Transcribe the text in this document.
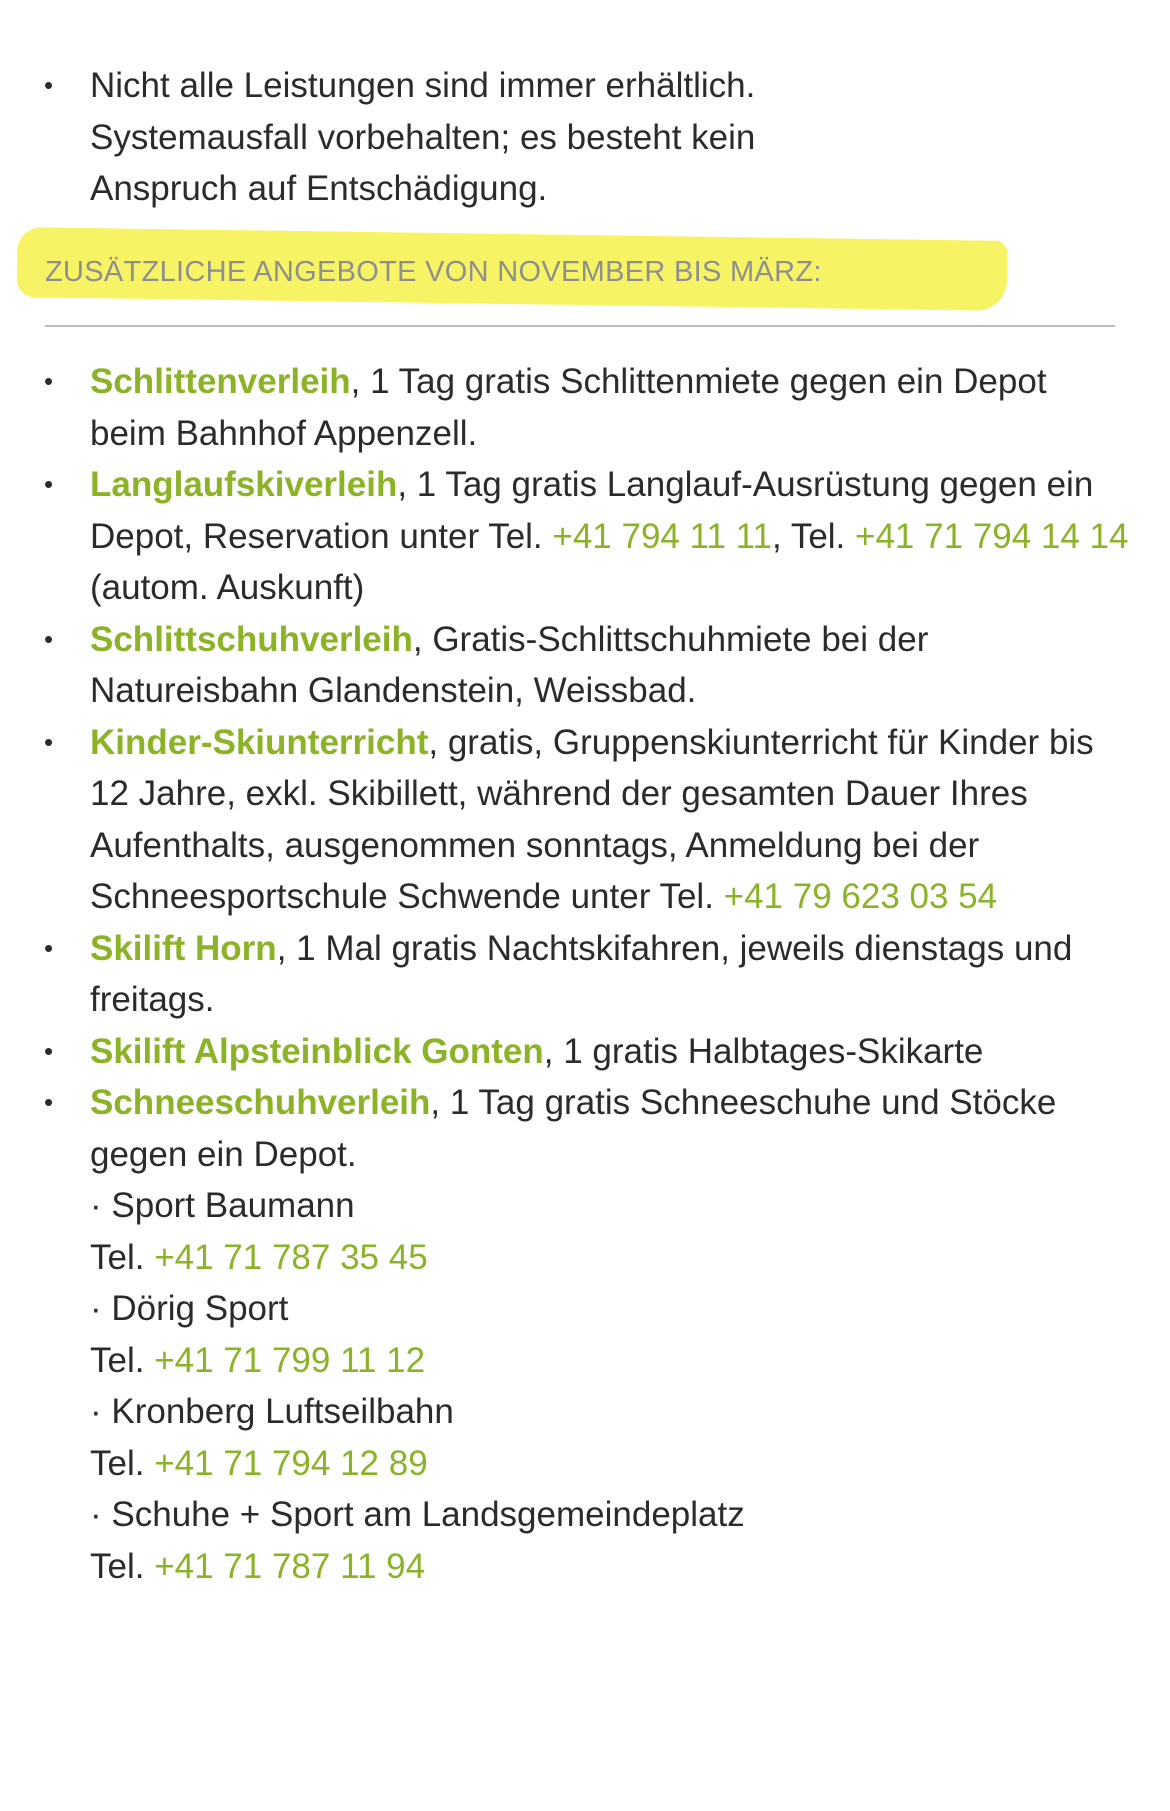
• Nicht alle Leistungen sind immer erhältlich.
Systemausfall vorbehalten; es besteht kein
Anspruch auf Entschädigung.
ZUSÄTZLICHE ANGEBOTE VON NOVEMBER BIS MÄRZ:
• Schlittenverleih, 1 Tag gratis Schlittenmiete gegen ein Depot beim Bahnhof Appenzell.
• Langlaufskiverleih, 1 Tag gratis Langlauf-Ausrüstung gegen ein Depot, Reservation unter Tel. +41 794 11 11, Tel. +41 71 794 14 14 (autom. Auskunft)
• Schlittschuhverleih, Gratis-Schlittschuhmiete bei der Natureisbahn Glandenstein, Weissbad.
• Kinder-Skiunterricht, gratis, Gruppenskiunterricht für Kinder bis 12 Jahre, exkl. Skibillett, während der gesamten Dauer Ihres Aufenthalts, ausgenommen sonntags, Anmeldung bei der Schneesportschule Schwende unter Tel. +41 79 623 03 54
• Skilift Horn, 1 Mal gratis Nachtskifahren, jeweils dienstags und freitags.
• Skilift Alpsteinblick Gonten, 1 gratis Halbtages-Skikarte
• Schneeschuhverleih, 1 Tag gratis Schneeschuhe und Stöcke gegen ein Depot.
· Sport Baumann
Tel. +41 71 787 35 45
· Dörig Sport
Tel. +41 71 799 11 12
· Kronberg Luftseilbahn
Tel. +41 71 794 12 89
· Schuhe + Sport am Landsgemeindeplatz
Tel. +41 71 787 11 94
